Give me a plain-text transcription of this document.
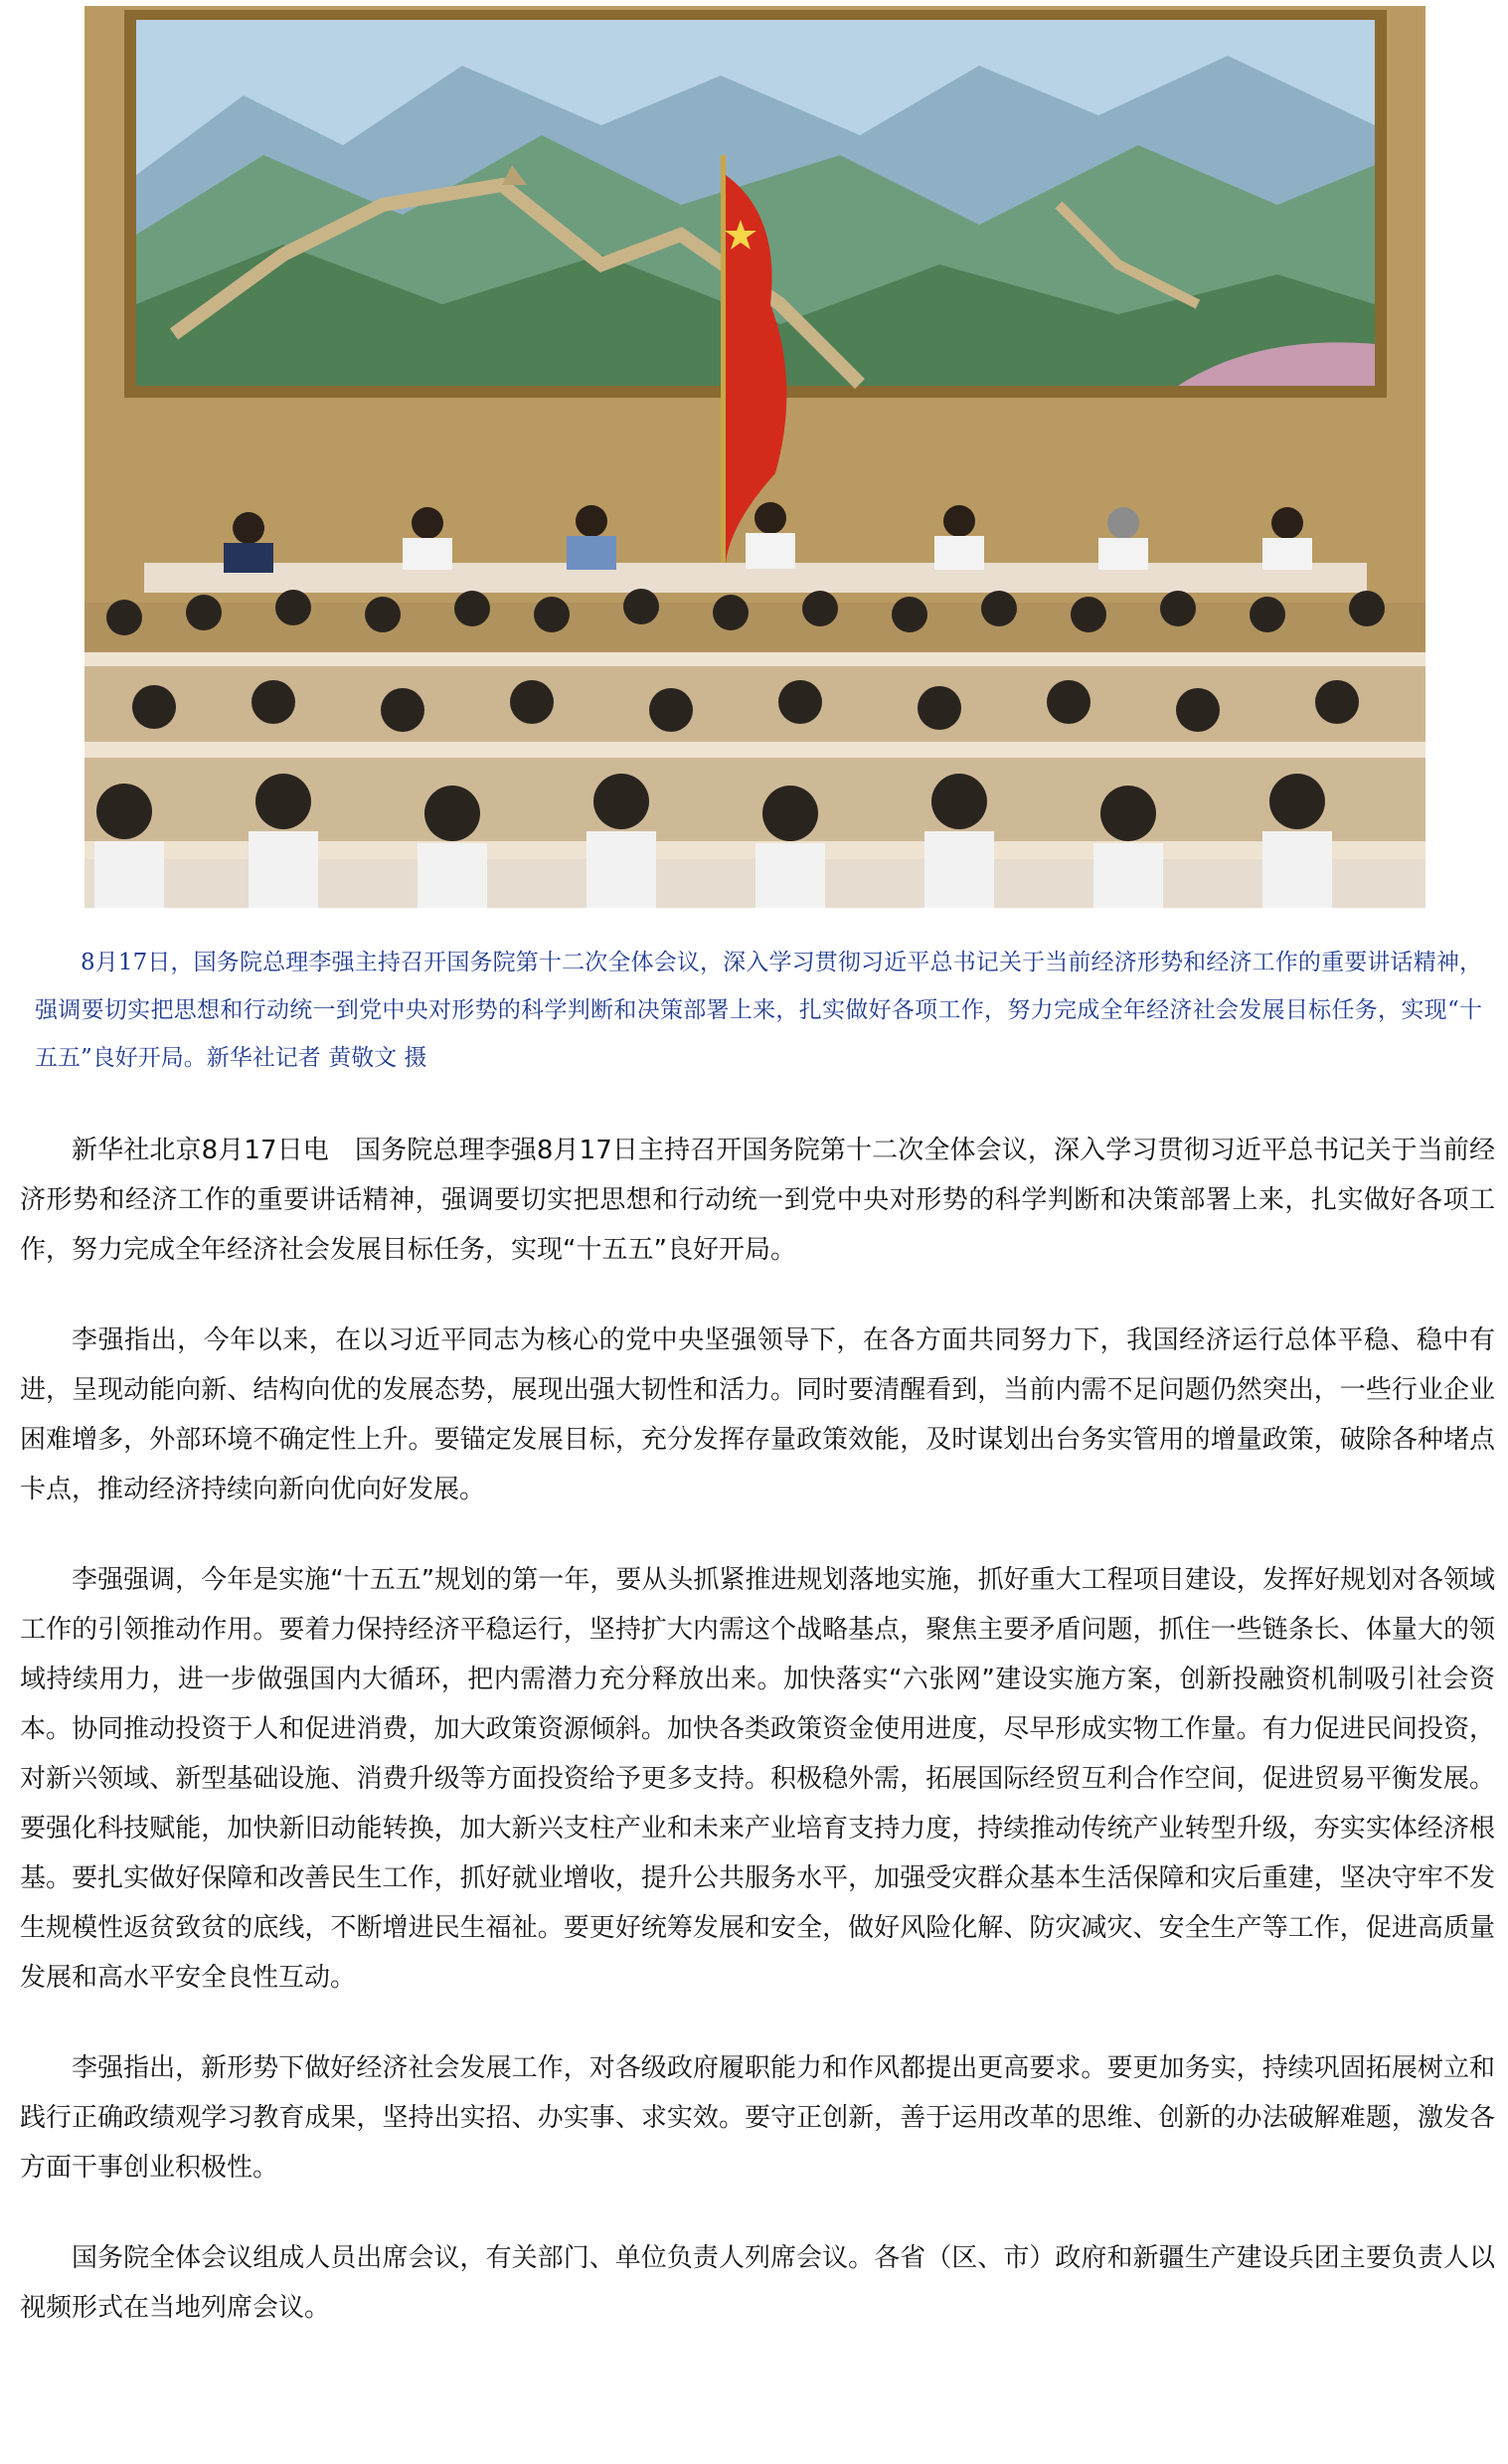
8月17日，国务院总理李强主持召开国务院第十二次全体会议，深入学习贯彻习近平总书记关于当前经济形势和经济工作的重要讲话精神，强调要切实把思想和行动统一到党中央对形势的科学判断和决策部署上来，扎实做好各项工作，努力完成全年经济社会发展目标任务，实现“十五五”良好开局。新华社记者 黄敬文 摄

新华社北京8月17日电　国务院总理李强8月17日主持召开国务院第十二次全体会议，深入学习贯彻习近平总书记关于当前经济形势和经济工作的重要讲话精神，强调要切实把思想和行动统一到党中央对形势的科学判断和决策部署上来，扎实做好各项工作，努力完成全年经济社会发展目标任务，实现“十五五”良好开局。

李强指出，今年以来，在以习近平同志为核心的党中央坚强领导下，在各方面共同努力下，我国经济运行总体平稳、稳中有进，呈现动能向新、结构向优的发展态势，展现出强大韧性和活力。同时要清醒看到，当前内需不足问题仍然突出，一些行业企业困难增多，外部环境不确定性上升。要锚定发展目标，充分发挥存量政策效能，及时谋划出台务实管用的增量政策，破除各种堵点卡点，推动经济持续向新向优向好发展。

李强强调，今年是实施“十五五”规划的第一年，要从头抓紧推进规划落地实施，抓好重大工程项目建设，发挥好规划对各领域工作的引领推动作用。要着力保持经济平稳运行，坚持扩大内需这个战略基点，聚焦主要矛盾问题，抓住一些链条长、体量大的领域持续用力，进一步做强国内大循环，把内需潜力充分释放出来。加快落实“六张网”建设实施方案，创新投融资机制吸引社会资本。协同推动投资于人和促进消费，加大政策资源倾斜。加快各类政策资金使用进度，尽早形成实物工作量。有力促进民间投资，对新兴领域、新型基础设施、消费升级等方面投资给予更多支持。积极稳外需，拓展国际经贸互利合作空间，促进贸易平衡发展。要强化科技赋能，加快新旧动能转换，加大新兴支柱产业和未来产业培育支持力度，持续推动传统产业转型升级，夯实实体经济根基。要扎实做好保障和改善民生工作，抓好就业增收，提升公共服务水平，加强受灾群众基本生活保障和灾后重建，坚决守牢不发生规模性返贫致贫的底线，不断增进民生福祉。要更好统筹发展和安全，做好风险化解、防灾减灾、安全生产等工作，促进高质量发展和高水平安全良性互动。

李强指出，新形势下做好经济社会发展工作，对各级政府履职能力和作风都提出更高要求。要更加务实，持续巩固拓展树立和践行正确政绩观学习教育成果，坚持出实招、办实事、求实效。要守正创新，善于运用改革的思维、创新的办法破解难题，激发各方面干事创业积极性。

国务院全体会议组成人员出席会议，有关部门、单位负责人列席会议。各省（区、市）政府和新疆生产建设兵团主要负责人以视频形式在当地列席会议。
